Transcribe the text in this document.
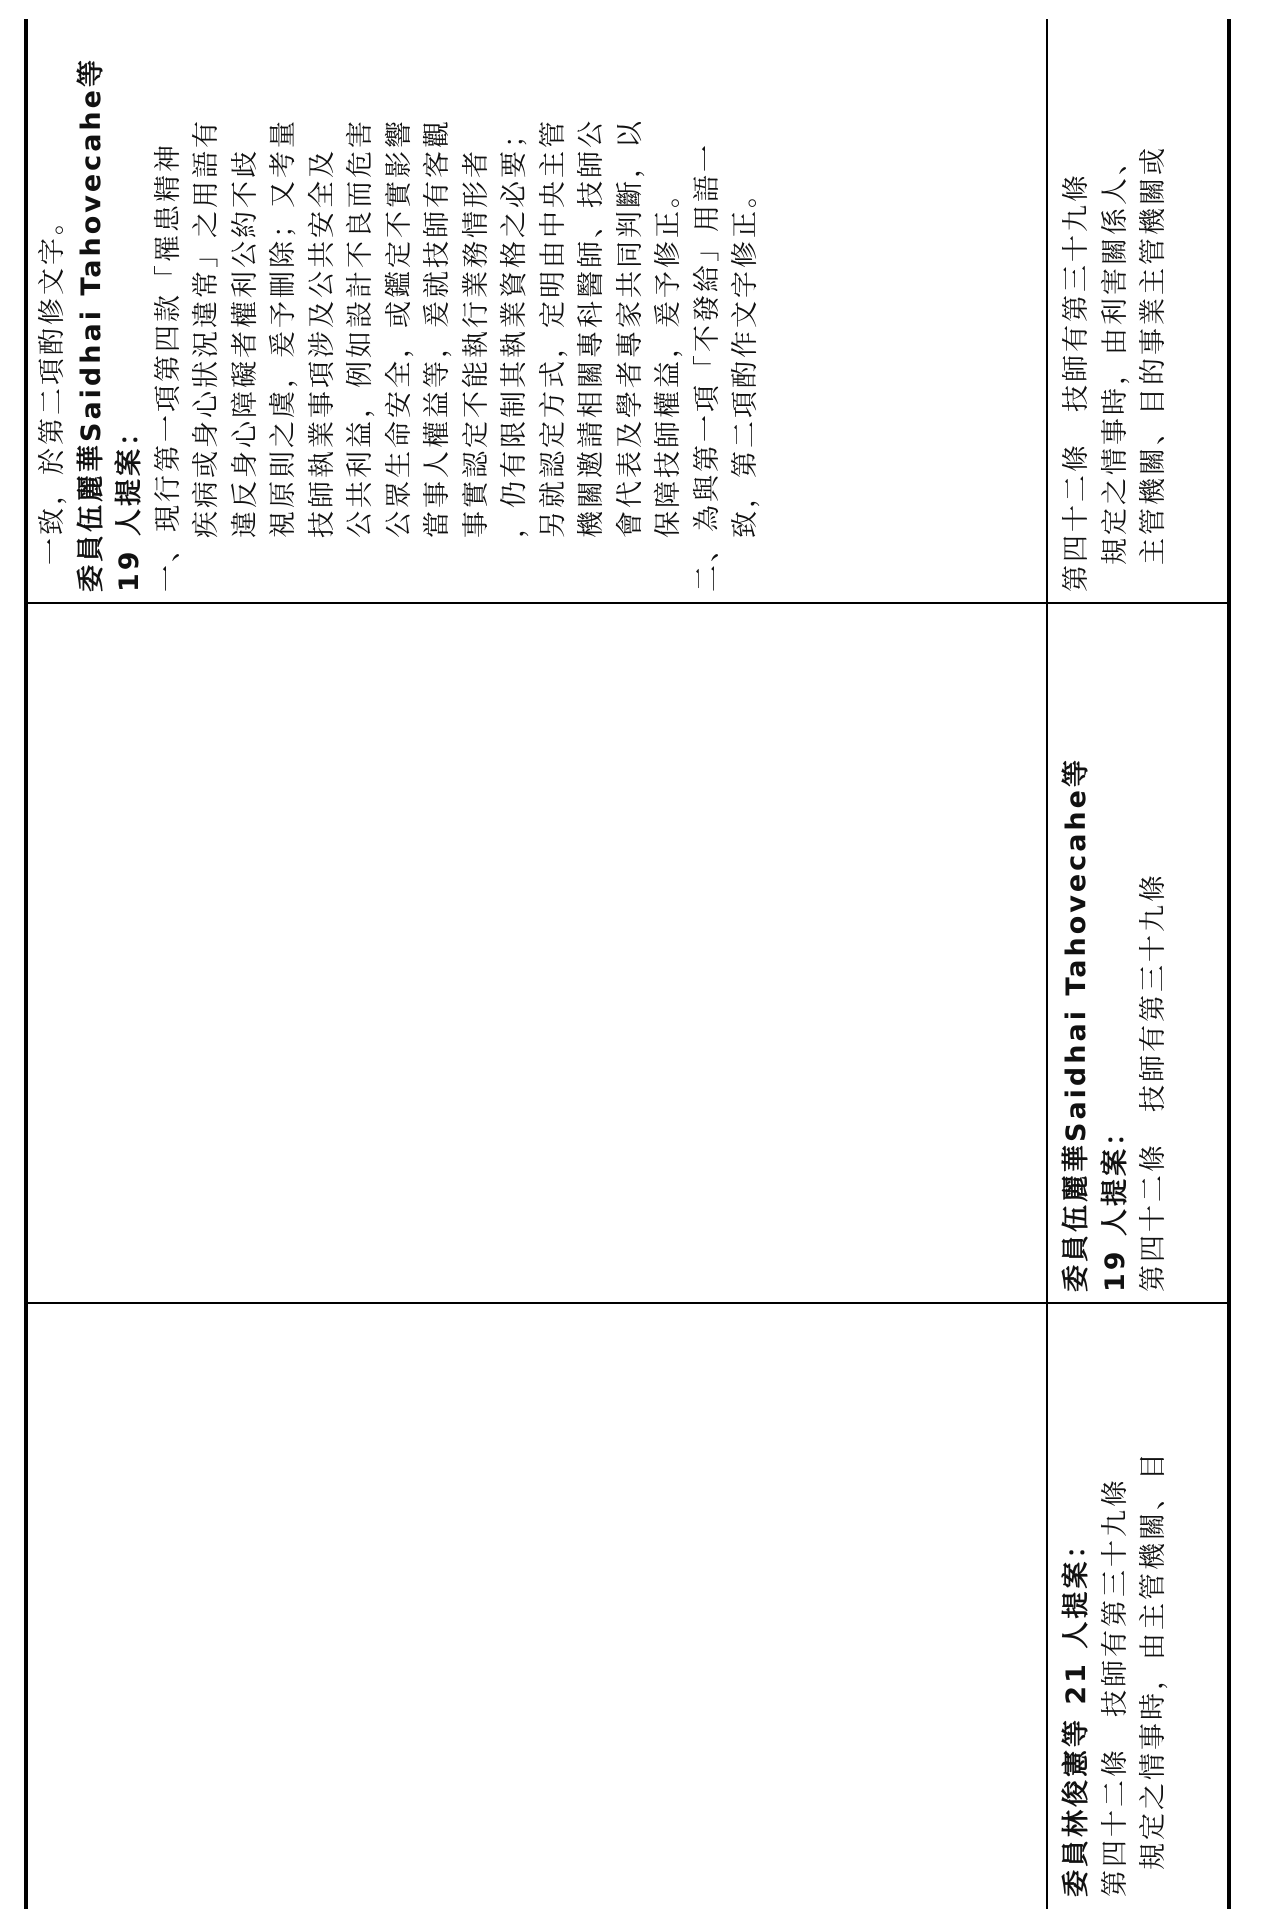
委員林俊憲等 21 人提案： 第四十二條　技師有第三十九條 規定之情事時，由主管機關、目
委員伍麗華Saidhai Tahovecahe等 19 人提案： 第四十二條　技師有第三十九條
第四十二條　技師有第三十九條 規定之情事時，由利害關係人、 主管機關、目的事業主管機關或
一致，於第二項酌修文字。 委員伍麗華Saidhai Tahovecahe等 19 人提案： 一、現行第一項第四款「罹患精神 疾病或身心狀況違常」之用語有 違反身心障礙者權利公約不歧 視原則之虞，爰予刪除；又考量 技師執業事項涉及公共安全及 公共利益，例如設計不良而危害 公眾生命安全，或鑑定不實影響 當事人權益等，爰就技師有客觀 事實認定不能執行業務情形者 ，仍有限制其執業資格之必要； 另就認定方式，定明由中央主管 機關邀請相關專科醫師、技師公 會代表及學者專家共同判斷，以 保障技師權益，爰予修正。 二、為與第一項「不發給」用語一 致，第二項酌作文字修正。
